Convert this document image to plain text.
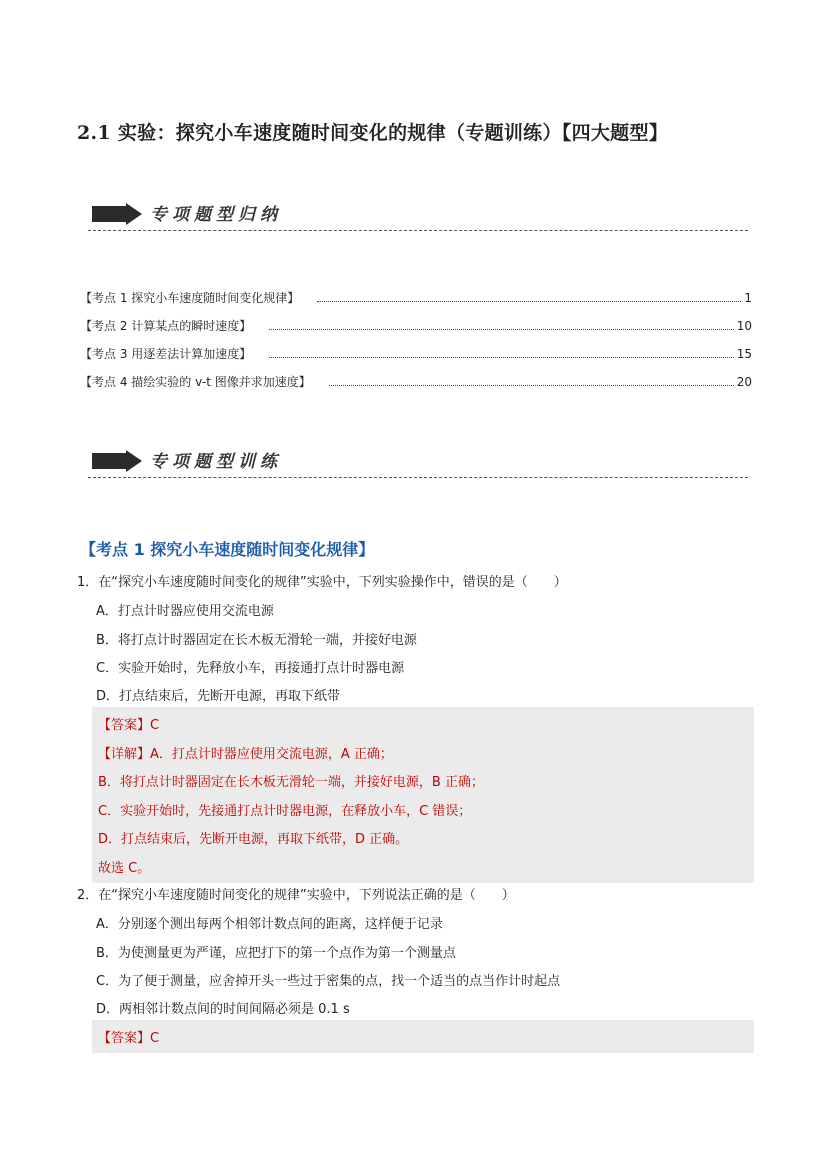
2.1 实验：探究小车速度随时间变化的规律（专题训练）【四大题型】
专项题型归纳
【考点 1 探究小车速度随时间变化规律】	1
【考点 2 计算某点的瞬时速度】	10
【考点 3 用逐差法计算加速度】	15
【考点 4 描绘实验的 v-t 图像并求加速度】	20
专项题型训练
【考点 1 探究小车速度随时间变化规律】
1．在“探究小车速度随时间变化的规律”实验中，下列实验操作中，错误的是（　　）
A．打点计时器应使用交流电源
B．将打点计时器固定在长木板无滑轮一端，并接好电源
C．实验开始时，先释放小车，再接通打点计时器电源
D．打点结束后，先断开电源，再取下纸带
【答案】C
【详解】A．打点计时器应使用交流电源，A 正确；
B．将打点计时器固定在长木板无滑轮一端，并接好电源，B 正确；
C．实验开始时，先接通打点计时器电源，在释放小车，C 错误；
D．打点结束后，先断开电源，再取下纸带，D 正确。
故选 C。
2．在“探究小车速度随时间变化的规律”实验中，下列说法正确的是（　　）
A．分别逐个测出每两个相邻计数点间的距离，这样便于记录
B．为使测量更为严谨，应把打下的第一个点作为第一个测量点
C．为了便于测量，应舍掉开头一些过于密集的点，找一个适当的点当作计时起点
D．两相邻计数点间的时间间隔必须是 0.1 s
【答案】C
